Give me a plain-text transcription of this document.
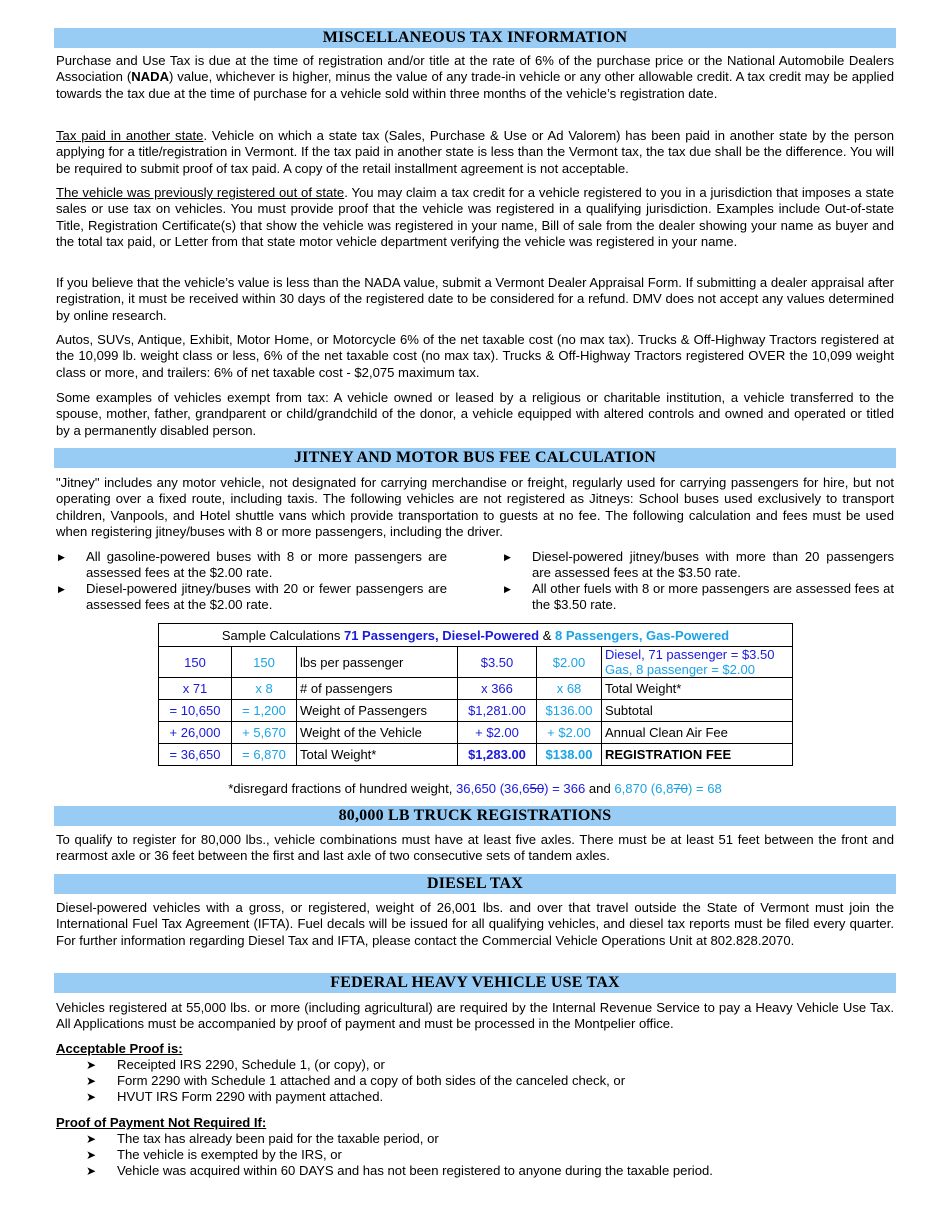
MISCELLANEOUS TAX INFORMATION

Purchase and Use Tax is due at the time of registration and/or title at the rate of 6% of the purchase price or the National Automobile Dealers Association (NADA) value, whichever is higher, minus the value of any trade-in vehicle or any other allowable credit. A tax credit may be applied towards the tax due at the time of purchase for a vehicle sold within three months of the vehicle’s registration date.

Tax paid in another state. Vehicle on which a state tax (Sales, Purchase & Use or Ad Valorem) has been paid in another state by the person applying for a title/registration in Vermont. If the tax paid in another state is less than the Vermont tax, the tax due shall be the difference. You will be required to submit proof of tax paid. A copy of the retail installment agreement is not acceptable.

The vehicle was previously registered out of state. You may claim a tax credit for a vehicle registered to you in a jurisdiction that imposes a state sales or use tax on vehicles. You must provide proof that the vehicle was registered in a qualifying jurisdiction. Examples include Out-of-state Title, Registration Certificate(s) that show the vehicle was registered in your name, Bill of sale from the dealer showing your name as buyer and the total tax paid, or Letter from that state motor vehicle department verifying the vehicle was registered in your name.

If you believe that the vehicle’s value is less than the NADA value, submit a Vermont Dealer Appraisal Form. If submitting a dealer appraisal after registration, it must be received within 30 days of the registered date to be considered for a refund. DMV does not accept any values determined by online research.

Autos, SUVs, Antique, Exhibit, Motor Home, or Motorcycle 6% of the net taxable cost (no max tax). Trucks & Off-Highway Tractors registered at the 10,099 lb. weight class or less, 6% of the net taxable cost (no max tax). Trucks & Off-Highway Tractors registered OVER the 10,099 weight class or more, and trailers: 6% of net taxable cost - $2,075 maximum tax.

Some examples of vehicles exempt from tax: A vehicle owned or leased by a religious or charitable institution, a vehicle transferred to the spouse, mother, father, grandparent or child/grandchild of the donor, a vehicle equipped with altered controls and owned and operated or titled by a permanently disabled person.

JITNEY AND MOTOR BUS FEE CALCULATION

"Jitney" includes any motor vehicle, not designated for carrying merchandise or freight, regularly used for carrying passengers for hire, but not operating over a fixed route, including taxis. The following vehicles are not registered as Jitneys: School buses used exclusively to transport children, Vanpools, and Hotel shuttle vans which provide transportation to guests at no fee. The following calculation and fees must be used when registering jitney/buses with 8 or more passengers, including the driver.

▶ All gasoline-powered buses with 8 or more passengers are assessed fees at the $2.00 rate.
▶ Diesel-powered jitney/buses with 20 or fewer passengers are assessed fees at the $2.00 rate.
▶ Diesel-powered jitney/buses with more than 20 passengers are assessed fees at the $3.50 rate.
▶ All other fuels with 8 or more passengers are assessed fees at the $3.50 rate.
Sample Calculations 71 Passengers, Diesel-Powered & 8 Passengers, Gas-Powered					
150	150	lbs per passenger	$3.50	$2.00	Diesel, 71 passenger = $3.50
Gas, 8 passenger = $2.00

x 71	x 8	# of passengers	x 366	x 68	Total Weight*
= 10,650	= 1,200	Weight of Passengers	$1,281.00	$136.00	Subtotal
+ 26,000	+ 5,670	Weight of the Vehicle	+ $2.00	+ $2.00	Annual Clean Air Fee
= 36,650	= 6,870	Total Weight*	$1,283.00	$138.00	REGISTRATION FEE
*disregard fractions of hundred weight, 36,650 (36,650) = 366 and 6,870 (6,870) = 68
80,000 LB TRUCK REGISTRATIONS

To qualify to register for 80,000 lbs., vehicle combinations must have at least five axles. There must be at least 51 feet between the front and rearmost axle or 36 feet between the first and last axle of two consecutive sets of tandem axles.

DIESEL TAX

Diesel-powered vehicles with a gross, or registered, weight of 26,001 lbs. and over that travel outside the State of Vermont must join the International Fuel Tax Agreement (IFTA). Fuel decals will be issued for all qualifying vehicles, and diesel tax reports must be filed every quarter. For further information regarding Diesel Tax and IFTA, please contact the Commercial Vehicle Operations Unit at 802.828.2070.

FEDERAL HEAVY VEHICLE USE TAX

Vehicles registered at 55,000 lbs. or more (including agricultural) are required by the Internal Revenue Service to pay a Heavy Vehicle Use Tax. All Applications must be accompanied by proof of payment and must be processed in the Montpelier office.

Acceptable Proof is:
➤ Receipted IRS 2290, Schedule 1, (or copy), or
➤ Form 2290 with Schedule 1 attached and a copy of both sides of the canceled check, or
➤ HVUT IRS Form 2290 with payment attached.
Proof of Payment Not Required If:
➤ The tax has already been paid for the taxable period, or
➤ The vehicle is exempted by the IRS, or
➤ Vehicle was acquired within 60 DAYS and has not been registered to anyone during the taxable period.
